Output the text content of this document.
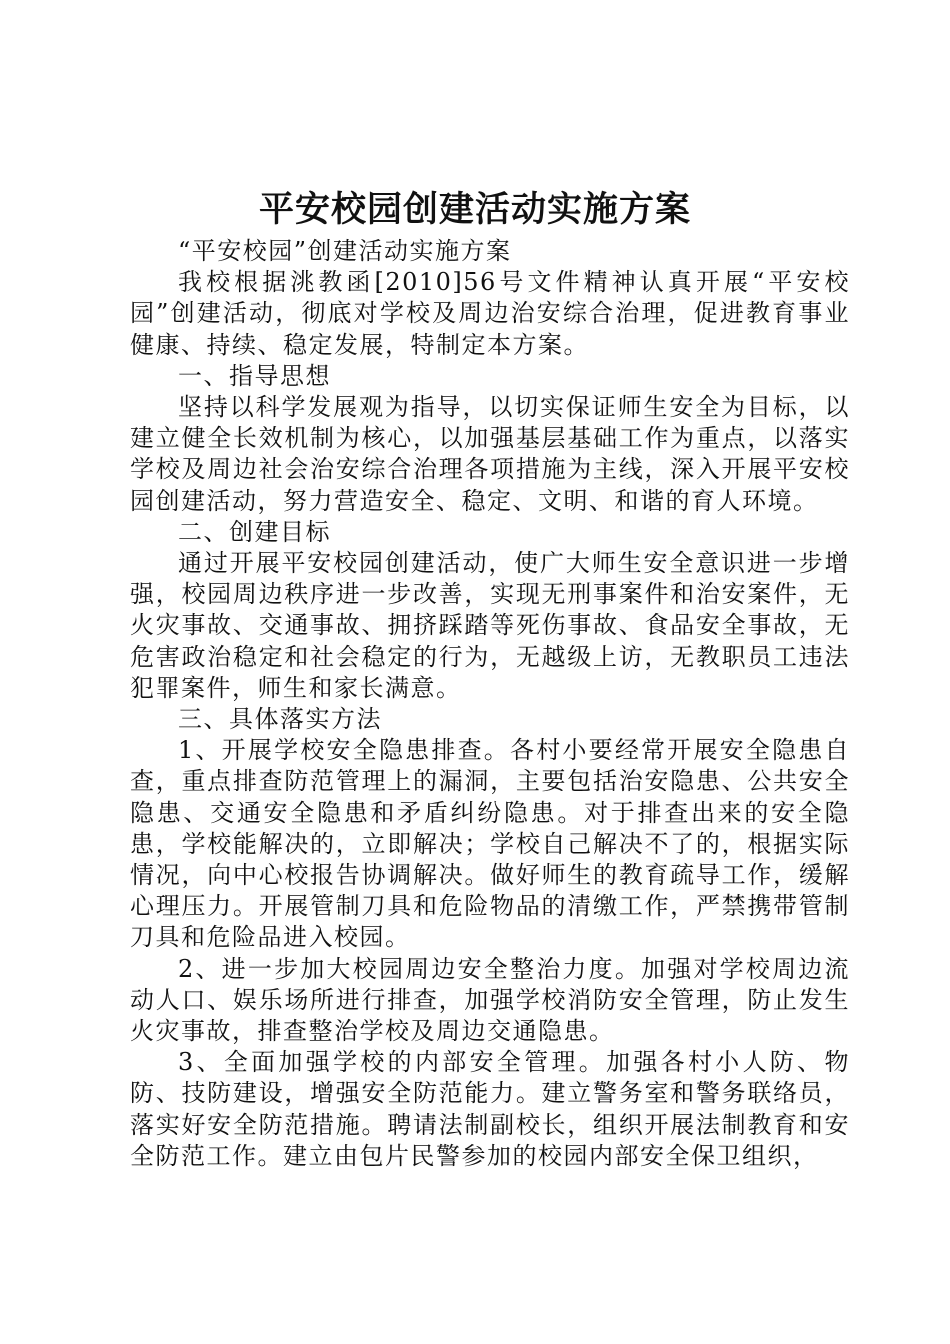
平安校园创建活动实施方案

“平安校园”创建活动实施方案

我校根据洮教函[2010]56号文件精神认真开展“平安校园”创建活动，彻底对学校及周边治安综合治理，促进教育事业健康、持续、稳定发展，特制定本方案。

一、指导思想

坚持以科学发展观为指导，以切实保证师生安全为目标，以建立健全长效机制为核心，以加强基层基础工作为重点，以落实学校及周边社会治安综合治理各项措施为主线，深入开展平安校园创建活动，努力营造安全、稳定、文明、和谐的育人环境。

二、创建目标

通过开展平安校园创建活动，使广大师生安全意识进一步增强，校园周边秩序进一步改善，实现无刑事案件和治安案件，无火灾事故、交通事故、拥挤踩踏等死伤事故、食品安全事故，无危害政治稳定和社会稳定的行为，无越级上访，无教职员工违法犯罪案件，师生和家长满意。

三、具体落实方法

1、开展学校安全隐患排查。各村小要经常开展安全隐患自查，重点排查防范管理上的漏洞，主要包括治安隐患、公共安全隐患、交通安全隐患和矛盾纠纷隐患。对于排查出来的安全隐患，学校能解决的，立即解决；学校自己解决不了的，根据实际情况，向中心校报告协调解决。做好师生的教育疏导工作，缓解心理压力。开展管制刀具和危险物品的清缴工作，严禁携带管制刀具和危险品进入校园。

2、进一步加大校园周边安全整治力度。加强对学校周边流动人口、娱乐场所进行排查，加强学校消防安全管理，防止发生火灾事故，排查整治学校及周边交通隐患。

3、全面加强学校的内部安全管理。加强各村小人防、物防、技防建设，增强安全防范能力。建立警务室和警务联络员，落实好安全防范措施。聘请法制副校长，组织开展法制教育和安全防范工作。建立由包片民警参加的校园内部安全保卫组织，
